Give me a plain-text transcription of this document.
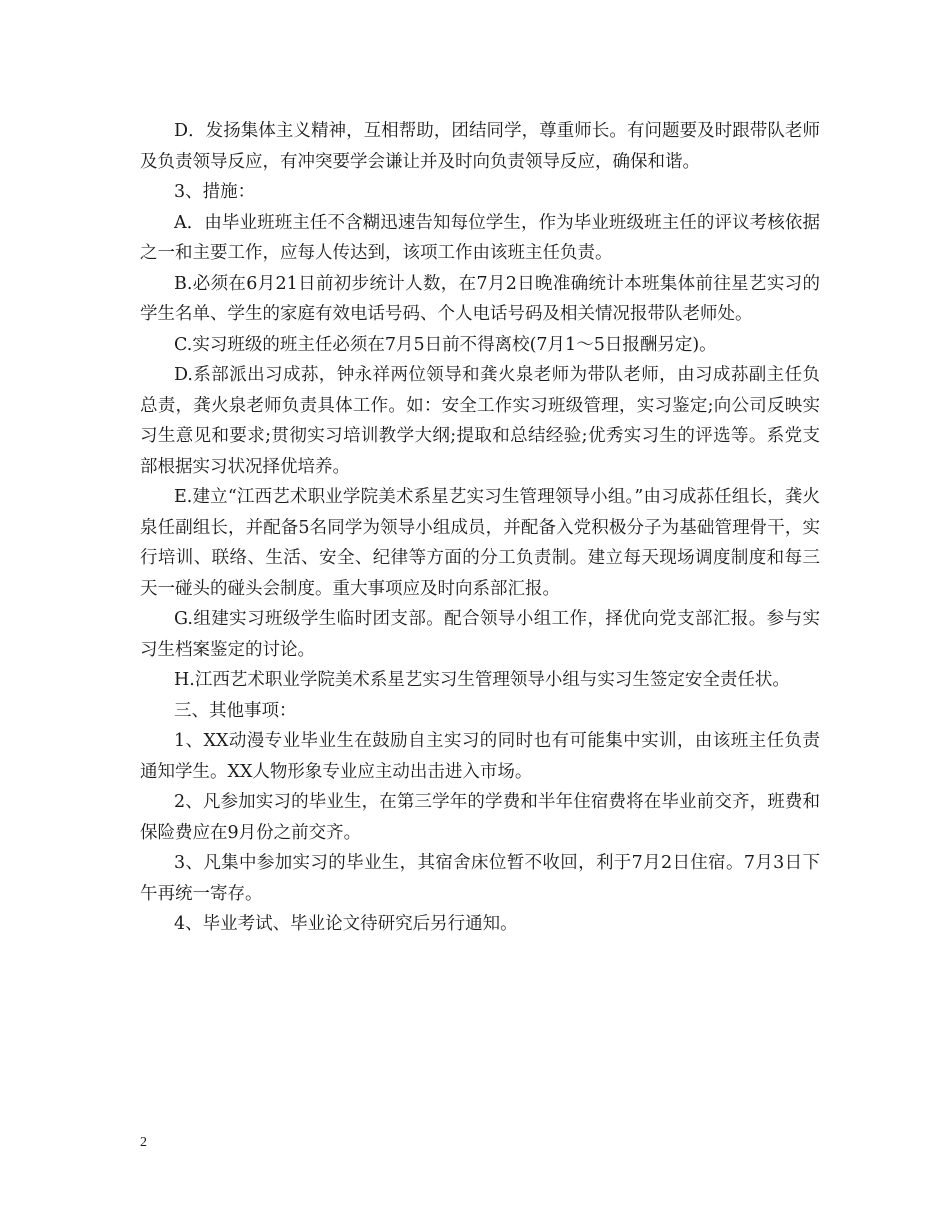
D．发扬集体主义精神，互相帮助，团结同学，尊重师长。有问题要及时跟带队老师及负责领导反应，有冲突要学会谦让并及时向负责领导反应，确保和谐。

3、措施：

A．由毕业班班主任不含糊迅速告知每位学生，作为毕业班级班主任的评议考核依据之一和主要工作，应每人传达到，该项工作由该班主任负责。

B.必须在6月21日前初步统计人数，在7月2日晚准确统计本班集体前往星艺实习的学生名单、学生的家庭有效电话号码、个人电话号码及相关情况报带队老师处。

C.实习班级的班主任必须在7月5日前不得离校(7月1～5日报酬另定)。

D.系部派出习成荪，钟永祥两位领导和龚火泉老师为带队老师，由习成荪副主任负总责，龚火泉老师负责具体工作。如：安全工作实习班级管理，实习鉴定;向公司反映实习生意见和要求;贯彻实习培训教学大纲;提取和总结经验;优秀实习生的评选等。系党支部根据实习状况择优培养。

E.建立“江西艺术职业学院美术系星艺实习生管理领导小组。”由习成荪任组长，龚火泉任副组长，并配备5名同学为领导小组成员，并配备入党积极分子为基础管理骨干，实行培训、联络、生活、安全、纪律等方面的分工负责制。建立每天现场调度制度和每三天一碰头的碰头会制度。重大事项应及时向系部汇报。

G.组建实习班级学生临时团支部。配合领导小组工作，择优向党支部汇报。参与实习生档案鉴定的讨论。

H.江西艺术职业学院美术系星艺实习生管理领导小组与实习生签定安全责任状。

三、其他事项：

1、XX动漫专业毕业生在鼓励自主实习的同时也有可能集中实训，由该班主任负责通知学生。XX人物形象专业应主动出击进入市场。

2、凡参加实习的毕业生，在第三学年的学费和半年住宿费将在毕业前交齐，班费和保险费应在9月份之前交齐。

3、凡集中参加实习的毕业生，其宿舍床位暂不收回，利于7月2日住宿。7月3日下午再统一寄存。

4、毕业考试、毕业论文待研究后另行通知。

2
